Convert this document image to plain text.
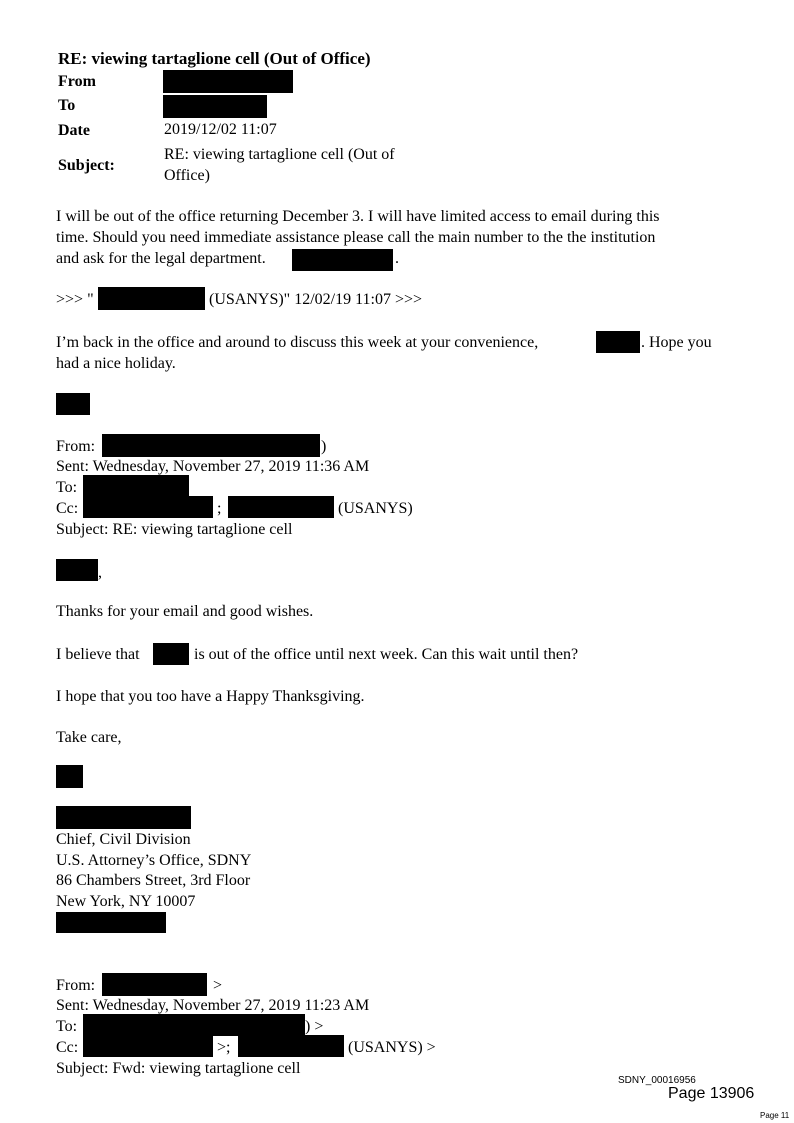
RE: viewing tartaglione cell (Out of Office)
From
To
Date	2019/12/02 11:07
Subject:
RE: viewing tartaglione cell (Out of
Office)
I will be out of the office returning December 3. I will have limited access to email during this
time. Should you need immediate assistance please call the main number to the the institution
and ask for the legal department.	.
>>> "	(USANYS)" 12/02/19 11:07 >>>
I’m back in the office and around to discuss this week at your convenience,	. Hope you
had a nice holiday.
From:	)
Sent: Wednesday, November 27, 2019 11:36 AM
To:
Cc:	;	(USANYS)
Subject: RE: viewing tartaglione cell
,
Thanks for your email and good wishes.
I believe that	is out of the office until next week. Can this wait until then?
I hope that you too have a Happy Thanksgiving.
Take care,
Chief, Civil Division
U.S. Attorney’s Office, SDNY
86 Chambers Street, 3rd Floor
New York, NY 10007
From:	>
Sent: Wednesday, November 27, 2019 11:23 AM
To:	) >
Cc:	>;	(USANYS) >
Subject: Fwd: viewing tartaglione cell
SDNY_00016956
Page 13906
Page 11
